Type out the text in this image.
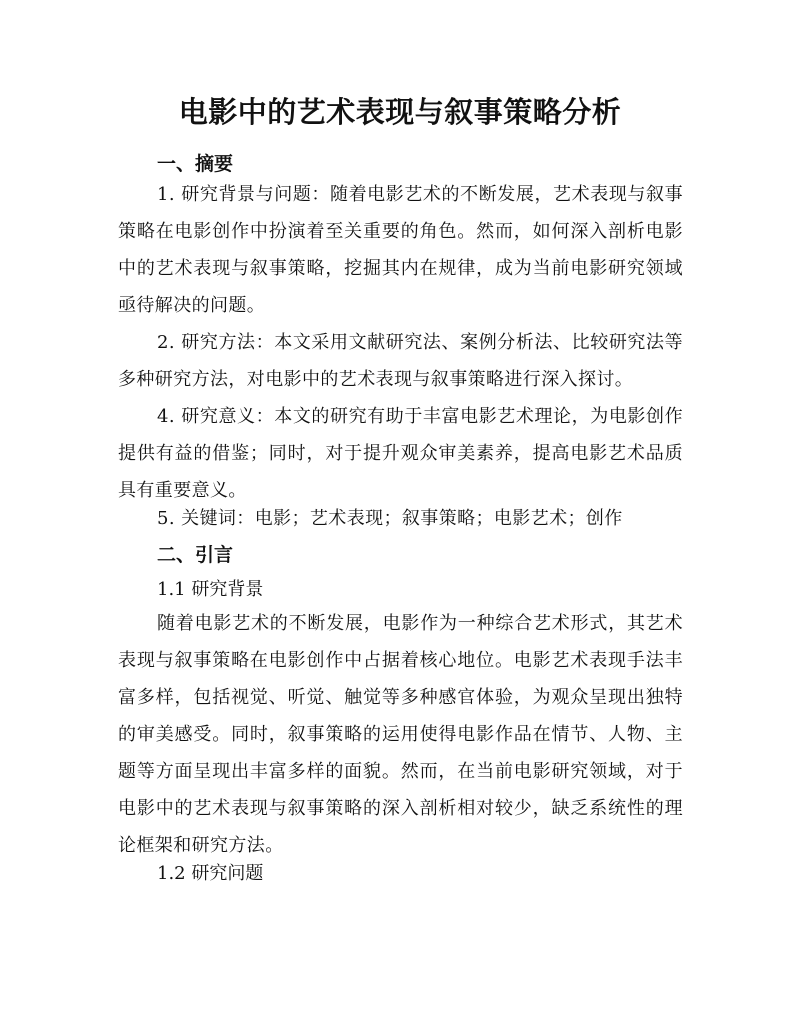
电影中的艺术表现与叙事策略分析
一、摘要
1. 研究背景与问题：随着电影艺术的不断发展，艺术表现与叙事策略在电影创作中扮演着至关重要的角色。然而，如何深入剖析电影中的艺术表现与叙事策略，挖掘其内在规律，成为当前电影研究领域亟待解决的问题。
2. 研究方法：本文采用文献研究法、案例分析法、比较研究法等多种研究方法，对电影中的艺术表现与叙事策略进行深入探讨。
4. 研究意义：本文的研究有助于丰富电影艺术理论，为电影创作提供有益的借鉴；同时，对于提升观众审美素养，提高电影艺术品质具有重要意义。
5. 关键词：电影；艺术表现；叙事策略；电影艺术；创作
二、引言
1.1 研究背景
随着电影艺术的不断发展，电影作为一种综合艺术形式，其艺术表现与叙事策略在电影创作中占据着核心地位。电影艺术表现手法丰富多样，包括视觉、听觉、触觉等多种感官体验，为观众呈现出独特的审美感受。同时，叙事策略的运用使得电影作品在情节、人物、主题等方面呈现出丰富多样的面貌。然而，在当前电影研究领域，对于电影中的艺术表现与叙事策略的深入剖析相对较少，缺乏系统性的理论框架和研究方法。
1.2 研究问题
